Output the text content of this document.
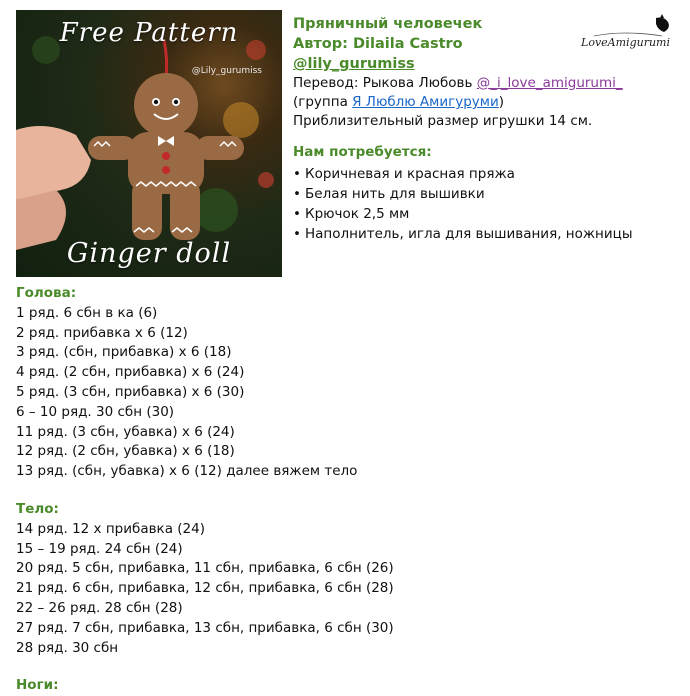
Free Pattern
@Lily_gurumiss
Ginger doll
LoveAmigurumi
Пряничный человечек
Автор: Dilaila Castro
@lily_gurumiss
Перевод: Рыкова Любовь @_i_love_amigurumi_
(группа Я Люблю Амигуруми)
Приблизительный размер игрушки 14 см.
Нам потребуется:
• Коричневая и красная пряжа
• Белая нить для вышивки
• Крючок 2,5 мм
• Наполнитель, игла для вышивания, ножницы
Голова:
1 ряд. 6 сбн в ка (6)
2 ряд. прибавка х 6 (12)
3 ряд. (сбн, прибавка) х 6 (18)
4 ряд. (2 сбн, прибавка) х 6 (24)
5 ряд. (3 сбн, прибавка) х 6 (30)
6 – 10 ряд. 30 сбн (30)
11 ряд. (3 сбн, убавка) х 6 (24)
12 ряд. (2 сбн, убавка) х 6 (18)
13 ряд. (сбн, убавка) х 6 (12) далее вяжем тело
Тело:
14 ряд. 12 х прибавка (24)
15 – 19 ряд. 24 сбн (24)
20 ряд. 5 сбн, прибавка, 11 сбн, прибавка, 6 сбн (26)
21 ряд. 6 сбн, прибавка, 12 сбн, прибавка, 6 сбн (28)
22 – 26 ряд. 28 сбн (28)
27 ряд. 7 сбн, прибавка, 13 сбн, прибавка, 6 сбн (30)
28 ряд. 30 сбн
Ноги:
